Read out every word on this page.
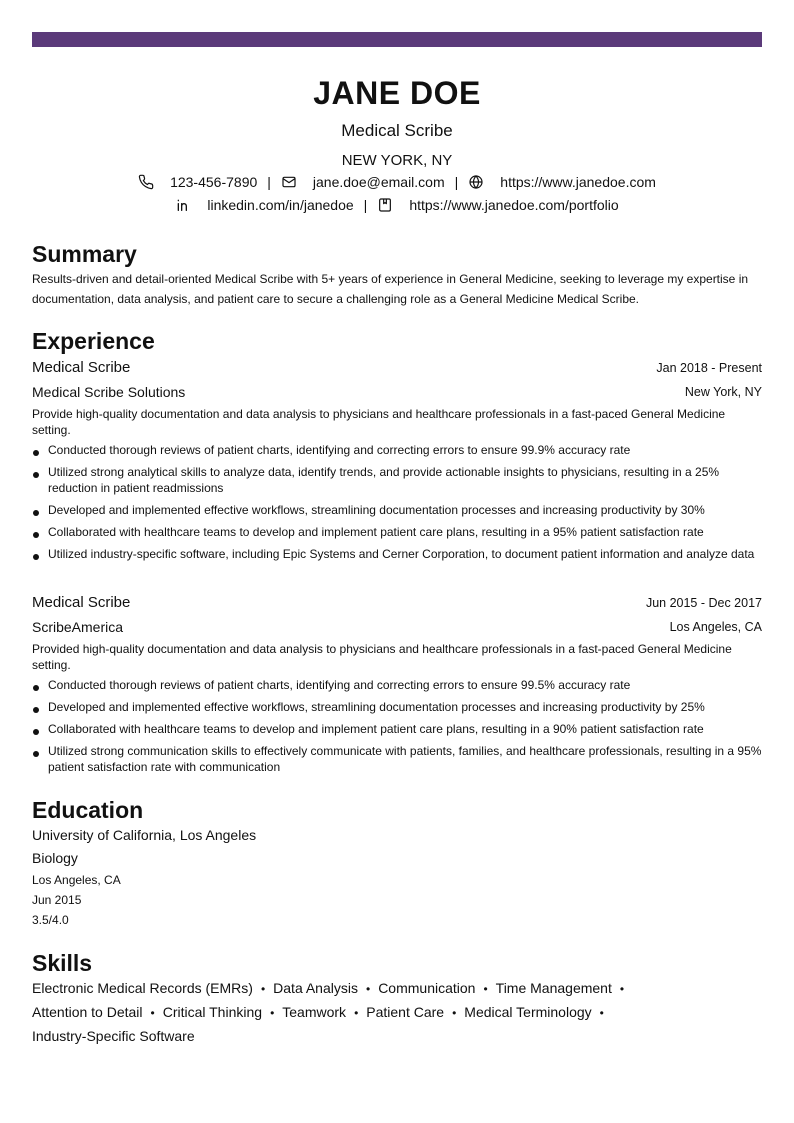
JANE DOE
Medical Scribe
NEW YORK, NY
123-456-7890 |	jane.doe@email.com |	https://www.janedoe.com
linkedin.com/in/janedoe |	https://www.janedoe.com/portfolio
Summary
Results-driven and detail-oriented Medical Scribe with 5+ years of experience in General Medicine, seeking to leverage my expertise in documentation, data analysis, and patient care to secure a challenging role as a General Medicine Medical Scribe.
Experience
Medical Scribe	Jan 2018 - Present
Medical Scribe Solutions	New York, NY
Provide high-quality documentation and data analysis to physicians and healthcare professionals in a fast-paced General Medicine setting.
Conducted thorough reviews of patient charts, identifying and correcting errors to ensure 99.9% accuracy rate
Utilized strong analytical skills to analyze data, identify trends, and provide actionable insights to physicians, resulting in a 25% reduction in patient readmissions
Developed and implemented effective workflows, streamlining documentation processes and increasing productivity by 30%
Collaborated with healthcare teams to develop and implement patient care plans, resulting in a 95% patient satisfaction rate
Utilized industry-specific software, including Epic Systems and Cerner Corporation, to document patient information and analyze data
Medical Scribe	Jun 2015 - Dec 2017
ScribeAmerica	Los Angeles, CA
Provided high-quality documentation and data analysis to physicians and healthcare professionals in a fast-paced General Medicine setting.
Conducted thorough reviews of patient charts, identifying and correcting errors to ensure 99.5% accuracy rate
Developed and implemented effective workflows, streamlining documentation processes and increasing productivity by 25%
Collaborated with healthcare teams to develop and implement patient care plans, resulting in a 90% patient satisfaction rate
Utilized strong communication skills to effectively communicate with patients, families, and healthcare professionals, resulting in a 95% patient satisfaction rate with communication
Education
University of California, Los Angeles
Biology
Los Angeles, CA
Jun 2015
3.5/4.0
Skills
Electronic Medical Records (EMRs) • Data Analysis • Communication • Time Management •
Attention to Detail • Critical Thinking • Teamwork • Patient Care • Medical Terminology •
Industry-Specific Software
